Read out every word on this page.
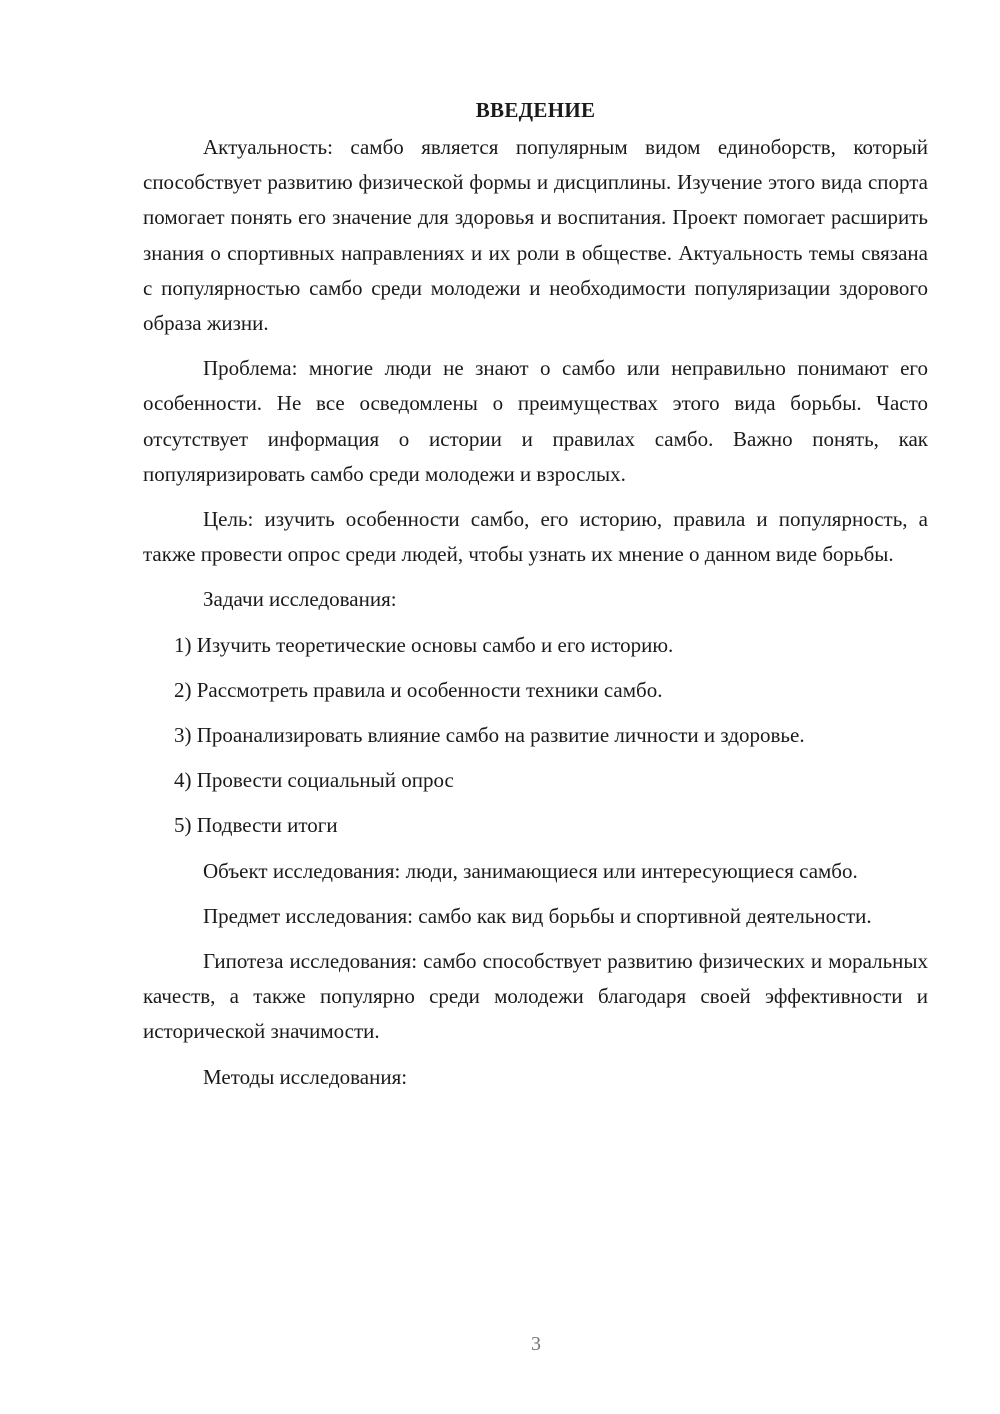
ВВЕДЕНИЕ

Актуальность: самбо является популярным видом единоборств, который способствует развитию физической формы и дисциплины. Изучение этого вида спорта помогает понять его значение для здоровья и воспитания. Проект помогает расширить знания о спортивных направлениях и их роли в обществе. Актуальность темы связана с популярностью самбо среди молодежи и необходимости популяризации здорового образа жизни.

Проблема: многие люди не знают о самбо или неправильно понимают его особенности. Не все осведомлены о преимуществах этого вида борьбы. Часто отсутствует информация о истории и правилах самбо. Важно понять, как популяризировать самбо среди молодежи и взрослых.

Цель: изучить особенности самбо, его историю, правила и популярность, а также провести опрос среди людей, чтобы узнать их мнение о данном виде борьбы.

Задачи исследования:

1) Изучить теоретические основы самбо и его историю.

2) Рассмотреть правила и особенности техники самбо.

3) Проанализировать влияние самбо на развитие личности и здоровье.

4) Провести социальный опрос

5) Подвести итоги

Объект исследования: люди, занимающиеся или интересующиеся самбо.

Предмет исследования: самбо как вид борьбы и спортивной деятельности.

Гипотеза исследования: самбо способствует развитию физических и моральных качеств, а также популярно среди молодежи благодаря своей эффективности и исторической значимости.

Методы исследования:

3
